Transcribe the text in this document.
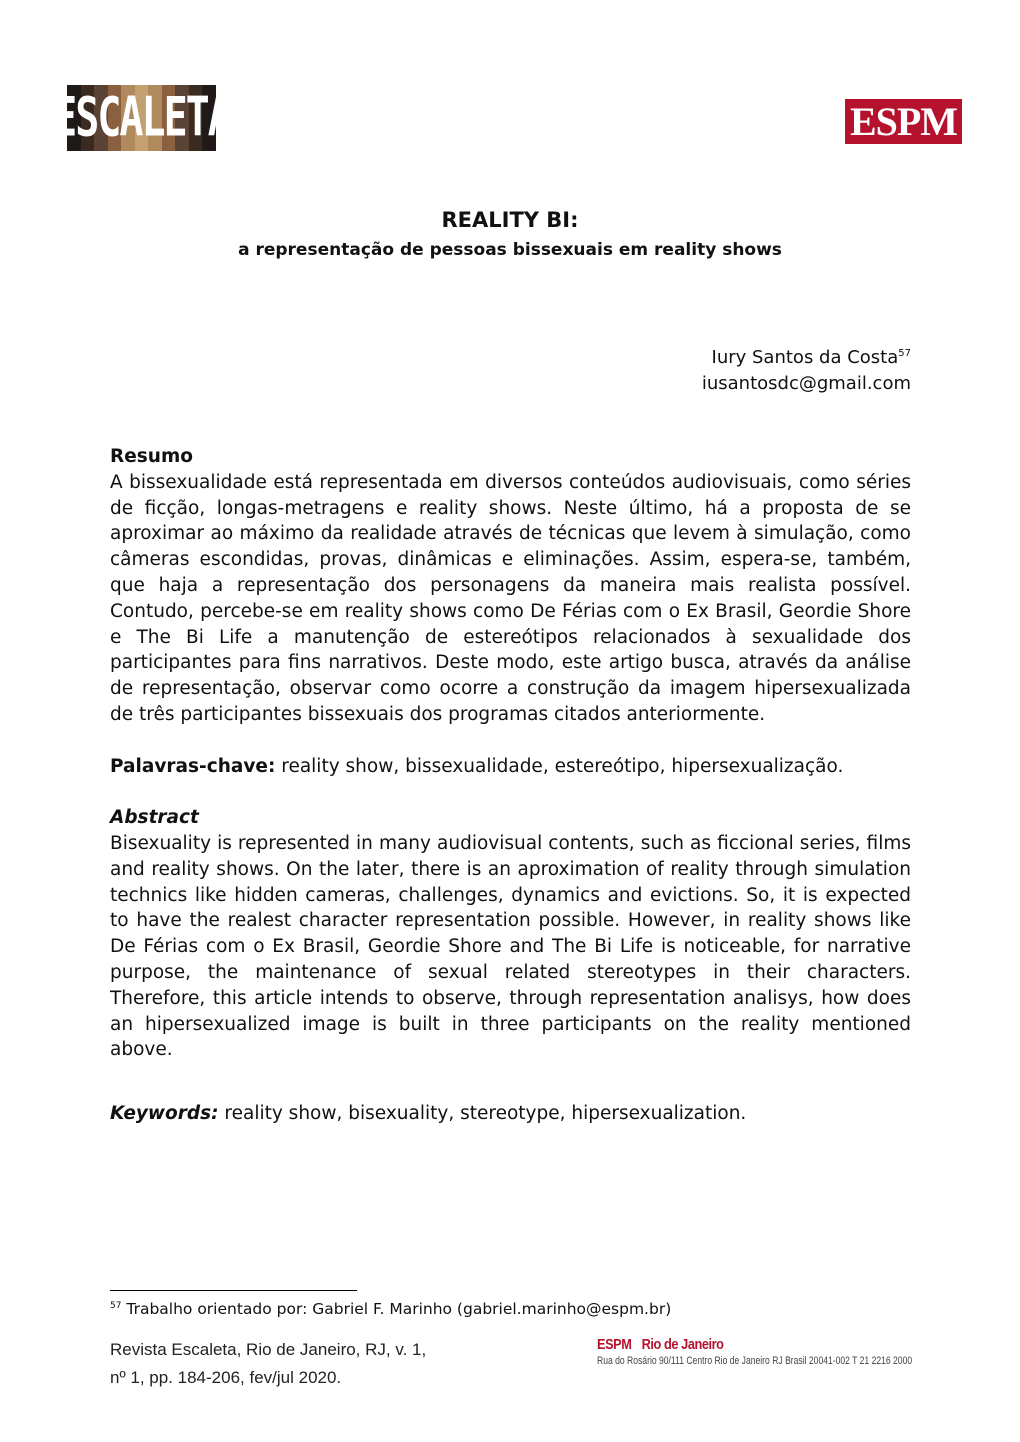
ESCALETA	ESPM
REALITY BI:
a representação de pessoas bissexuais em reality shows
Iury Santos da Costa$^{57}$
iusantosdc@gmail.com
Resumo

A bissexualidade está representada em diversos conteúdos audiovisuais, como séries de ficção, longas-metragens e reality shows. Neste último, há a proposta de se aproximar ao máximo da realidade através de técnicas que levem à simulação, como câmeras escondidas, provas, dinâmicas e eliminações. Assim, espera-se, também, que haja a representação dos personagens da maneira mais realista possível. Contudo, percebe-se em reality shows como De Férias com o Ex Brasil, Geordie Shore e The Bi Life a manutenção de estereótipos relacionados à sexualidade dos participantes para fins narrativos. Deste modo, este artigo busca, através da análise de representação, observar como ocorre a construção da imagem hipersexualizada de três participantes bissexuais dos programas citados anteriormente.

Palavras-chave: reality show, bissexualidade, estereótipo, hipersexualização.

Abstract

Bisexuality is represented in many audiovisual contents, such as ficcional series, films and reality shows. On the later, there is an aproximation of reality through simulation technics like hidden cameras, challenges, dynamics and evictions. So, it is expected to have the realest character representation possible. However, in reality shows like De Férias com o Ex Brasil, Geordie Shore and The Bi Life is noticeable, for narrative purpose, the maintenance of sexual related stereotypes in their characters. Therefore, this article intends to observe, through representation analisys, how does an hipersexualized image is built in three participants on the reality mentioned above.

Keywords: reality show, bisexuality, stereotype, hipersexualization.

$^{57}$ Trabalho orientado por: Gabriel F. Marinho (gabriel.marinho@espm.br)
Revista Escaleta, Rio de Janeiro, RJ, v. 1,
nº 1, pp. 184-206, fev/jul 2020.
ESPM Rio de Janeiro
Rua do Rosário 90/111 Centro Rio de Janeiro RJ Brasil 20041-002 T 21 2216 2000
